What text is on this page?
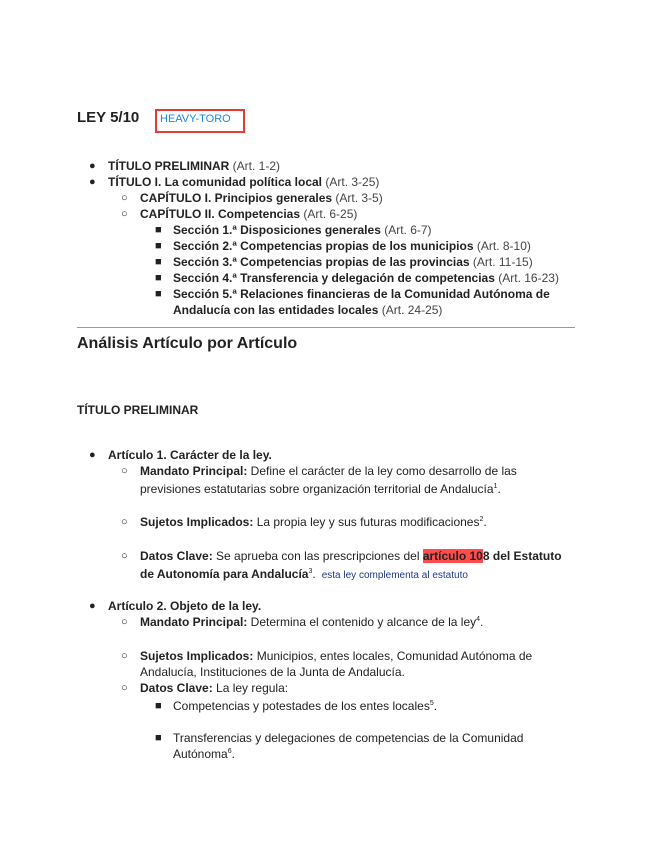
LEY 5/10 HEAVY-TORO
● TÍTULO PRELIMINAR (Art. 1-2)
● TÍTULO I. La comunidad política local (Art. 3-25)
○ CAPÍTULO I. Principios generales (Art. 3-5)
○ CAPÍTULO II. Competencias (Art. 6-25)
■ Sección 1.ª Disposiciones generales (Art. 6-7)
■ Sección 2.ª Competencias propias de los municipios (Art. 8-10)
■ Sección 3.ª Competencias propias de las provincias (Art. 11-15)
■ Sección 4.ª Transferencia y delegación de competencias (Art. 16-23)
■ Sección 5.ª Relaciones financieras de la Comunidad Autónoma de
Andalucía con las entidades locales (Art. 24-25)
Análisis Artículo por Artículo
TÍTULO PRELIMINAR
● Artículo 1. Carácter de la ley.
○ Mandato Principal: Define el carácter de la ley como desarrollo de las
previsiones estatutarias sobre organización territorial de Andalucía$^1$.
○ Sujetos Implicados: La propia ley y sus futuras modificaciones$^2$.
○ Datos Clave: Se aprueba con las prescripciones del artículo 108 del Estatuto
de Autonomía para Andalucía$^3$. esta ley complementa al estatuto
● Artículo 2. Objeto de la ley.
○ Mandato Principal: Determina el contenido y alcance de la ley$^4$.
○ Sujetos Implicados: Municipios, entes locales, Comunidad Autónoma de
Andalucía, Instituciones de la Junta de Andalucía.
○ Datos Clave: La ley regula:
■ Competencias y potestades de los entes locales$^5$.
■ Transferencias y delegaciones de competencias de la Comunidad
Autónoma$^6$.
